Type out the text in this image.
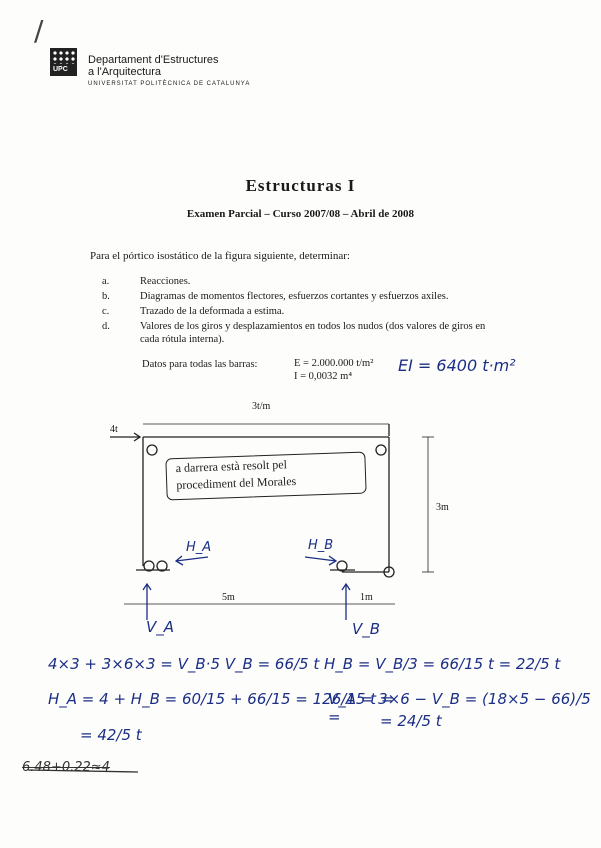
/
UPC
Departament d'Estructures
a l'Arquitectura
UNIVERSITAT POLITÈCNICA DE CATALUNYA
Estructuras I
Examen Parcial – Curso 2007/08 – Abril de 2008
Para el pórtico isostático de la figura siguiente, determinar:
a.	Reacciones.
b.	Diagramas de momentos flectores, esfuerzos cortantes y esfuerzos axiles.
c.	Trazado de la deformada a estima.
d.	Valores de los giros y desplazamientos en todos los nudos (dos valores de giros en cada rótula interna).
Datos para todas las barras:	E = 2.000.000 t/m²
I = 0,0032 m⁴
EI = 6400 t·m²
3t/m
4t
3m
5m	1m
a darrera està resolt pel
procediment del Morales
H_A	H_B
V_A	V_B
4×3 + 3×6×3 = V_B·5 V_B = 66/5 t H_B = V_B/3 = 66/15 t = 22/5 t
H_A = 4 + H_B = 60/15 + 66/15 = 126/15 t =
V_A = 3×6 − V_B = (18×5 − 66)/5 =
= 42/5 t
= 24/5 t
6.48+0.22≈4
